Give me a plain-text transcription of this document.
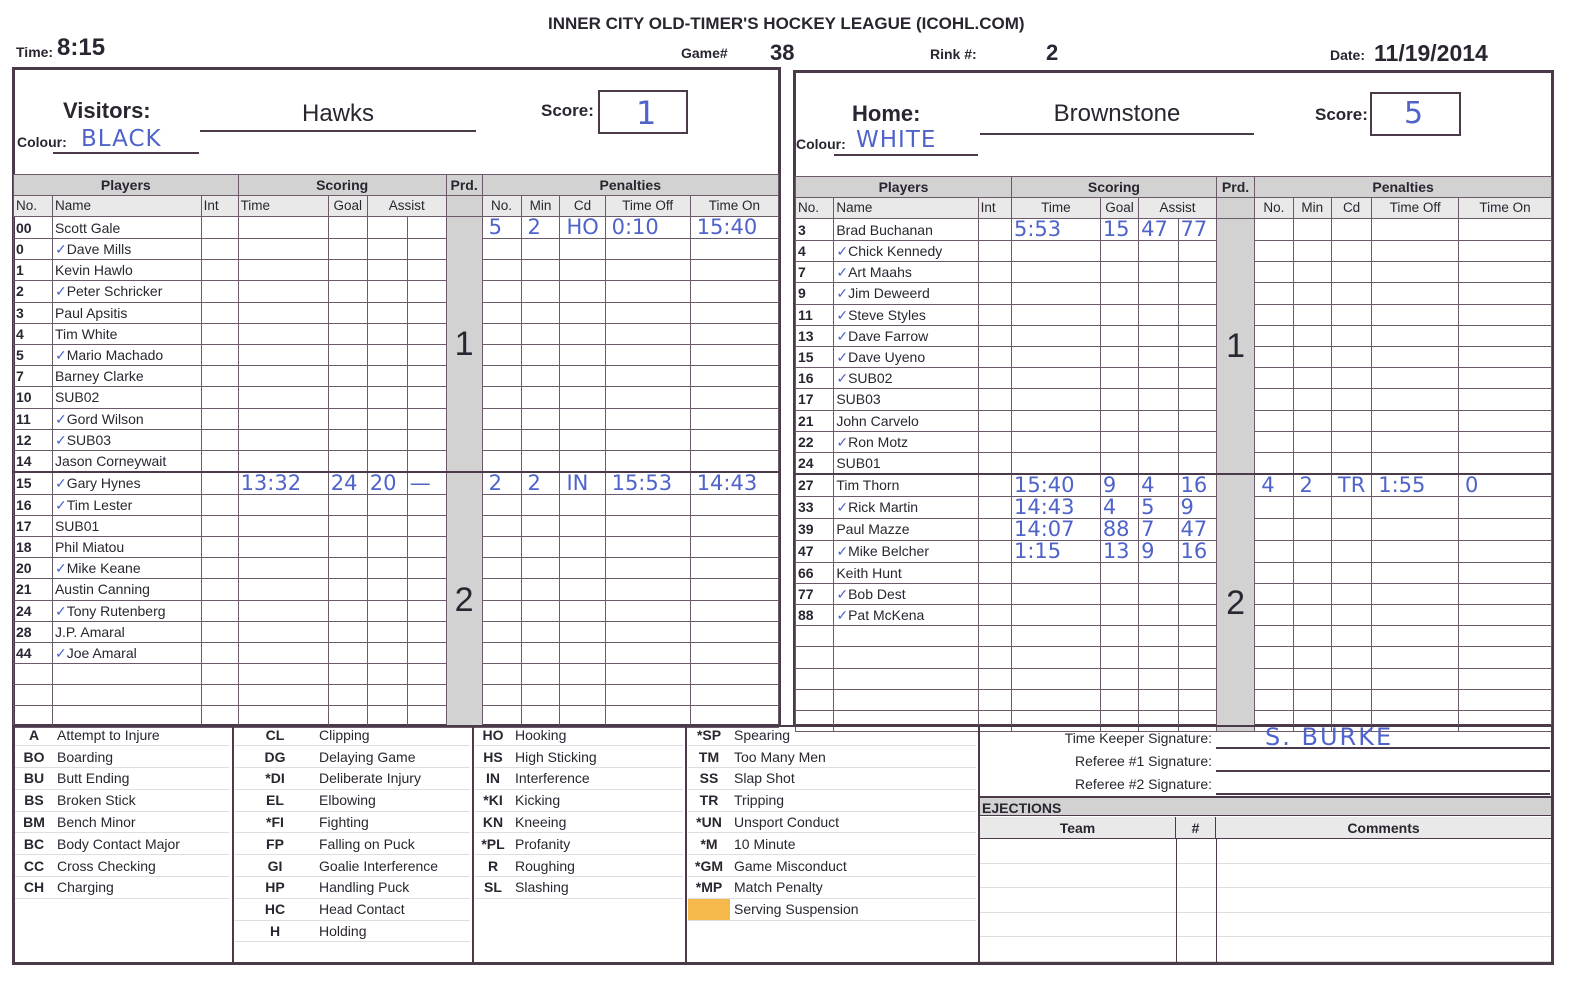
INNER CITY OLD-TIMER'S HOCKEY LEAGUE (ICOHL.COM)
Time: 8:15	Game# 38	Rink #:	2	Date: 11/19/2014
Visitors:	Hawks	Score: 1
Colour: BLACK
Players			Scoring				Prd.	Penalties				
No.	Name	Int	Time	Goal	Assist			No.	Min	Cd	Time Off	Time On
00	Scott Gale						1	5	2	HO	0:10	15:40
0	✓Dave Mills											
1	Kevin Hawlo											
2	✓Peter Schricker											
3	Paul Apsitis											
4	Tim White											
5	✓Mario Machado											
7	Barney Clarke											
10	SUB02											
11	✓Gord Wilson											
12	✓SUB03											
14	Jason Corneywait											
15	✓Gary Hynes		13:32	24	20	—	2	2	2	IN	15:53	14:43
16	✓Tim Lester											
17	SUB01											
18	Phil Miatou											
20	✓Mike Keane											
21	Austin Canning											
24	✓Tony Rutenberg											
28	J.P. Amaral											
44	✓Joe Amaral											

Home:	Brownstone	Score: 5
Colour: WHITE
Players			Scoring				Prd.	Penalties				
No.	Name	Int	Time	Goal	Assist			No.	Min	Cd	Time Off	Time On
3	Brad Buchanan		5:53	15	47	77	1					
4	✓Chick Kennedy											
7	✓Art Maahs											
9	✓Jim Deweerd											
11	✓Steve Styles											
13	✓Dave Farrow											
15	✓Dave Uyeno											
16	✓SUB02											
17	SUB03											
21	John Carvelo											
22	✓Ron Motz											
24	SUB01											
27	Tim Thorn		15:40	9	4	16	2	4	2	TR	1:55	0
33	✓Rick Martin		14:43	4	5	9						
39	Paul Mazze		14:07	88	7	47						
47	✓Mike Belcher		1:15	13	9	16						
66	Keith Hunt											
77	✓Bob Dest											
88	✓Pat McKena											

A	Attempt to Injure
BO	Boarding
BU	Butt Ending
BS	Broken Stick
BM	Bench Minor
BC	Body Contact Major
CC	Cross Checking
CH	Charging
CL	Clipping
DG	Delaying Game
*DI	Deliberate Injury
EL	Elbowing
*FI	Fighting
FP	Falling on Puck
GI	Goalie Interference
HP	Handling Puck
HC	Head Contact
H	Holding
HO	Hooking
HS	High Sticking
IN	Interference
*KI	Kicking
KN	Kneeing
*PL	Profanity
R	Roughing
SL	Slashing
*SP	Spearing
TM	Too Many Men
SS	Slap Shot
TR	Tripping
*UN	Unsport Conduct
*M	10 Minute
*GM	Game Misconduct
*MP	Match Penalty
	Serving Suspension
Time Keeper Signature: S. BURKE
Referee #1 Signature:
Referee #2 Signature:
EJECTIONS
Team	#	Comments
